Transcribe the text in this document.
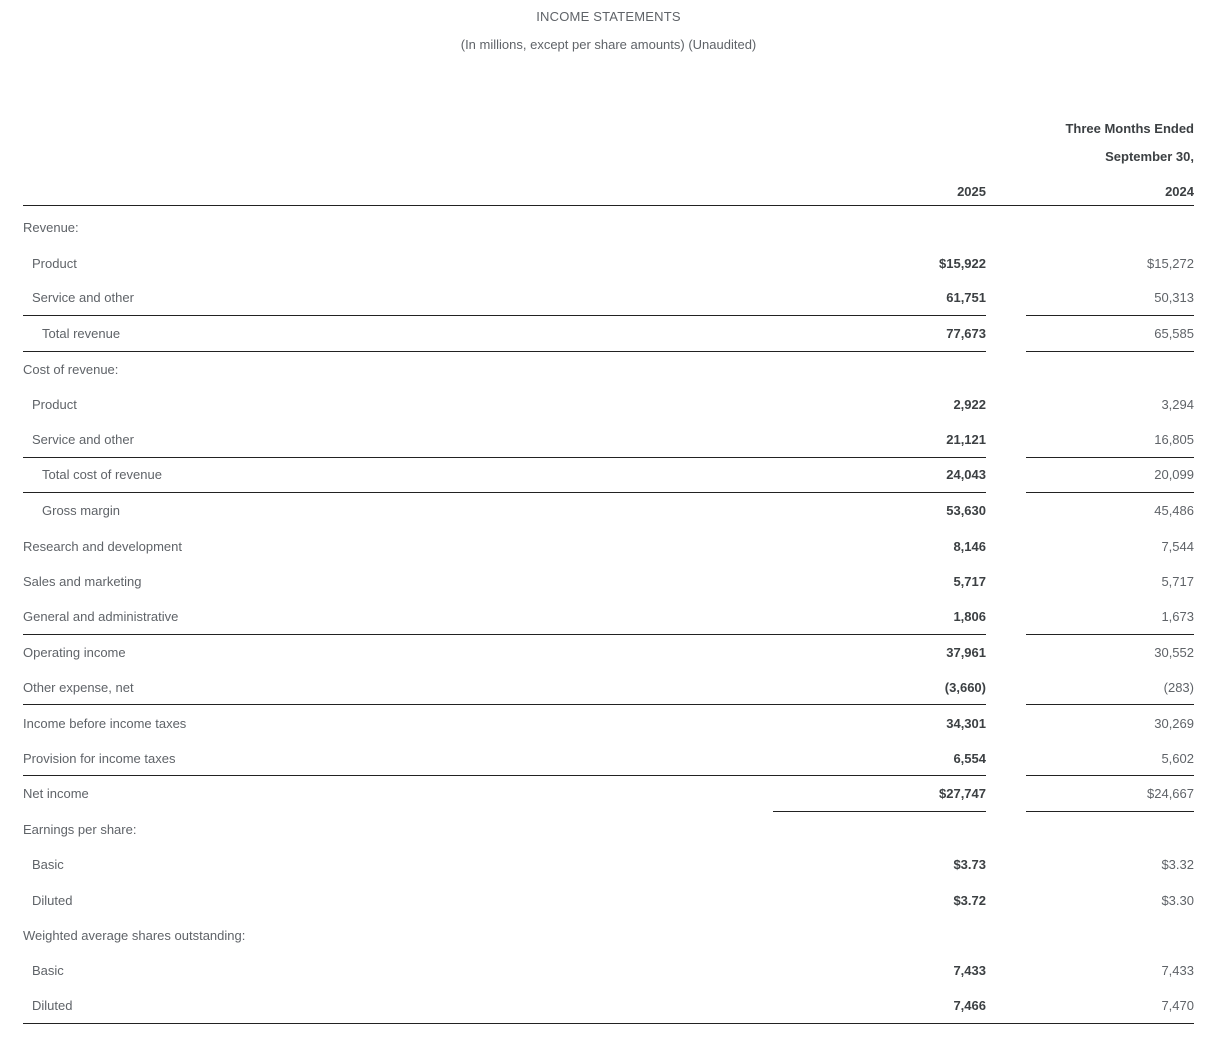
INCOME STATEMENTS
(In millions, except per share amounts) (Unaudited)
Three Months Ended
September 30,
2025	2024
Revenue:
Product	$15,922	$15,272
Service and other	61,751	50,313
Total revenue	77,673	65,585
Cost of revenue:
Product	2,922	3,294
Service and other	21,121	16,805
Total cost of revenue	24,043	20,099
Gross margin	53,630	45,486
Research and development	8,146	7,544
Sales and marketing	5,717	5,717
General and administrative	1,806	1,673
Operating income	37,961	30,552
Other expense, net	(3,660)	(283)
Income before income taxes	34,301	30,269
Provision for income taxes	6,554	5,602
Net income	$27,747	$24,667
Earnings per share:
Basic	$3.73	$3.32
Diluted	$3.72	$3.30
Weighted average shares outstanding:
Basic	7,433	7,433
Diluted	7,466	7,470
